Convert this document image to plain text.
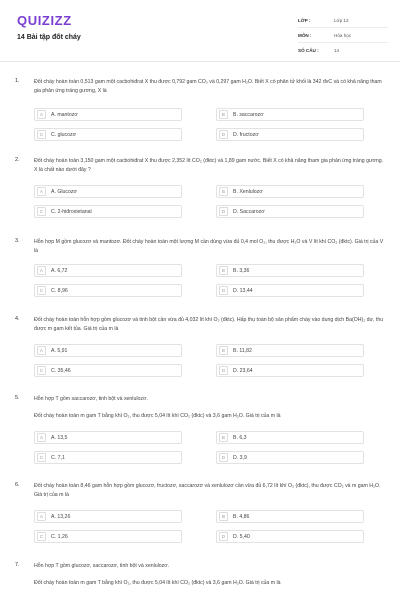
QUIZIZZ
14 Bài tập đốt cháy
LỚP :	Lớp 12
MÔN :	Hóa học
SỐ CÂU :	14
1.	Đốt cháy hoàn toàn 0,513 gam một cacbohiđrat X thu được 0,792 gam CO₂ và 0,297 gam H₂O. Biết X có phân tử khối là 342 đvC và có khả năng tham gia phản ứng tráng gương, X là
A	A. mantozơ	B	B. saccarozơ
C	C. glucozơ	D	D. fructozơ
2.	Đốt cháy hoàn toàn 3,150 gam một cacbohiđrat X thu được 2,352 lít CO₂ (đktc) và 1,89 gam nước. Biết X có khả năng tham gia phản ứng tráng gương. X là chất nào dưới đây ?
A	A. Glucozơ	B	B. Xenlulozơ
C	C. 2-hiđroxietanal	D	D. Saccarozơ
3.	Hỗn hợp M gồm glucozơ và mantozơ. Đốt cháy hoàn toàn một lượng M cần dùng vừa đủ 0,4 mol O₂, thu được H₂O và V lít khí CO₂ (đktc). Giá trị của V là
A	A. 6,72	B	B. 3,36
C	C. 8,96	D	D. 13,44
4.	Đốt cháy hoàn toàn hỗn hợp gồm glucozơ và tinh bột cần vừa đủ 4,032 lít khí O₂ (đktc). Hấp thụ toàn bộ sản phẩm cháy vào dung dịch Ba(OH)₂ dư, thu được m gam kết tủa. Giá trị của m là
A	A. 5,91	B	B. 11,82
C	C. 35,46	D	D. 23,64
5.	Hỗn hợp T gồm saccarozơ, tinh bột và xenlulozơ.
Đốt cháy hoàn toàn m gam T bằng khí O₂, thu được 5,04 lít khí CO₂ (đktc) và 3,6 gam H₂O. Giá trị của m là
A	A. 13,5	B	B. 6,3
C	C. 7,1	D	D. 3,9
6.	Đốt cháy hoàn toàn 8,46 gam hỗn hợp gồm glucozơ, fructozơ, saccarozơ và xenlulozơ cần vừa đủ 6,72 lít khí O₂ (đktc), thu được CO₂ và m gam H₂O. Giá trị của m là
A	A. 13,26	B	B. 4,86
C	C. 1,26	D	D. 5,40
7.	Hỗn hợp T gồm glucozơ, saccarozơ, tinh bột và xenlulozơ.
Đốt cháy hoàn toàn m gam T bằng khí O₂, thu được 5,04 lít khí CO₂ (đktc) và 3,6 gam H₂O. Giá trị của m là
